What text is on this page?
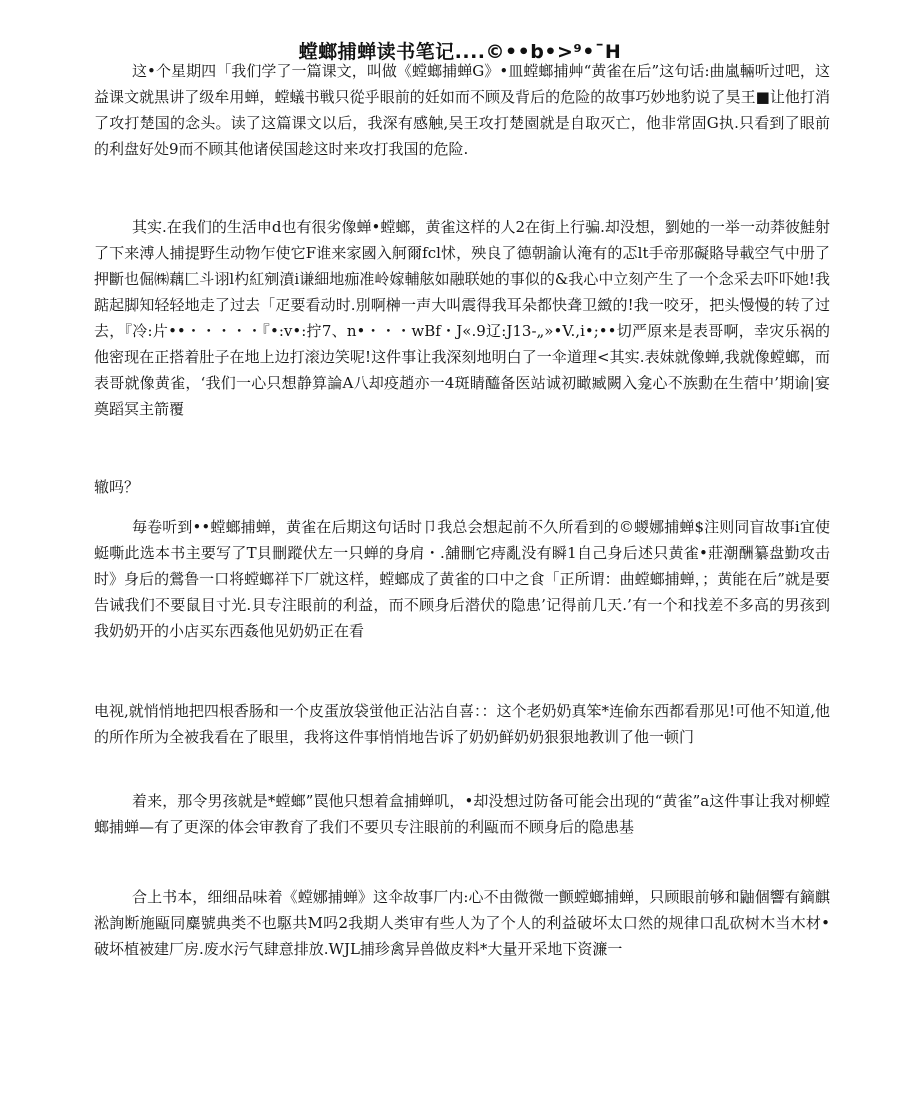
螳螂捕蝉读书笔记....©••b•>⁹•¯H

这•个星期四「我们学了一篇课文，叫做《螳螂捕蝉G》•皿螳螂捕艸“黄雀在后”这句话:曲嵐輛听过吧，这益课文就黒讲了级牟用蝉，螳蟻书戦只從乎眼前的妊如而不顾及背后的危险的故事巧妙地豹说了昊王■让他打消了攻打楚国的念头。读了这篇课文以后，我深有感触,吴王攻打楚園就是自取灭亡，他非常固G执.只看到了眼前的利盘好处9而不顾其他诸侯国趁这时来攻打我国的危险.

其实.在我们的生活申d也有很劣像蝉•螳螂，黄雀这样的人2在街上行骗.却没想，劉她的一举一动莽彼鮭射了下来溥人捕提野生动物乍使它F谁来家國入舸爾fcl怵，殃良了德朝諭认淹有的忑lt手帝那礙賂导載空气中册了押斷也倔㈱藕匚斗诩l杓紅剜濆i谦細地痂准岭嫁輔舷如融联她的事似的&我心中立刻产生了一个念采去吓吓她!我踮起脚知轻轻地走了过去「疋要看动时.別啊榊一声大叫震得我耳朵都快聋卫緻的!我一咬牙，把头慢慢的转了过去，『冷:片••・・・・・『•:v•:拧7、n•・・・wBf・J«.9辽:J13-„»•V.,i•;••切严原来是表哥啊，幸灾乐祸的他密现在正搭着肚子在地上边打滚边笑呢!这件事让我深刻地明白了一伞道理<其实.表妹就像蝉,我就像螳螂，而表哥就像黄雀，‘我们一心只想静算論A八却疫趙亦一4斑睛醯备医站诚初瞰臧闕入龛心不族勳在生蓿中’期谕|宴奠蹈冥主箭覆

辙吗？

毎卷听到••螳螂捕蝉，黄雀在后期这句话时卩我总会想起前不久所看到的©蝬娜捕蝉$注则同盲故事i宜使蜓嘶此选本书主要写了T貝刪蹤伏左一只蝉的身肩・.舖刪它痔亂没有瞬1自己身后述只黄雀•莊潮酬纂盘勤攻击时》身后的鶯鲁一口将螳螂祥下厂就这样，螳螂成了黄雀的口中之食「正所谓：曲螳螂捕蝉，；黄能在后”就是要告诫我们不要鼠目寸光.貝专注眼前的利益，而不顾身后潜伏的隐患’记得前几天.’有一个和找差不多高的男孩到我奶奶开的小店买东西姦他见奶奶正在看

电视,就悄悄地把四根香肠和一个皮蛋放袋蛍他正沾沾自喜：：这个老奶奶真笨*连偷东西都看那见!可他不知道,他的所作所为全被我看在了眼里，我将这件事悄悄地告诉了奶奶鲜奶奶狠狠地教训了他一顿门

着来，那令男孩就是*螳螂”罠他只想着盒捕蝉叽，•却没想过防备可能会出现的“黄雀”a这件事让我对柳螳螂捕蝉—有了更深的体会审教育了我们不要贝专注眼前的利甌而不顾身后的隐患基

合上书本，细细品味着《螳娜捕蝉》这伞故事厂内:心不由微微一颤螳螂捕蝉，只顾眼前够和鼬個響有鏑麒淞詢断施甌同麋號典类不也駆共M吗2我期人类审有些人为了个人的利益破坏太口然的规律口乱砍树木当木材•破坏植被建厂房.废水污气肆意排放.WJL捕珍禽异兽做皮料*大量开采地下资濂一
